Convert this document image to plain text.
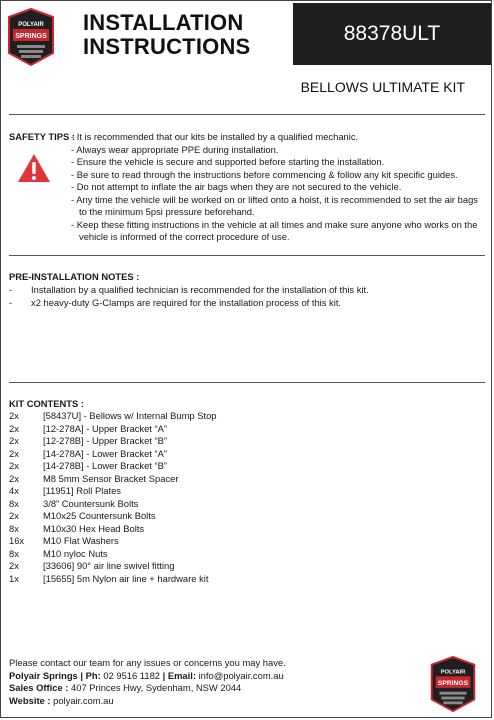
SPRINGS
POLYAIR INSTALLATION
INSTRUCTIONS
88378ULT
BELLOWS ULTIMATE KIT
SAFETY TIPS :
- It is recommended that our kits be installed by a qualified mechanic.
- Always wear appropriate PPE during installation.
- Ensure the vehicle is secure and supported before starting the installation.
- Be sure to read through the instructions before commencing & follow any kit specific guides.
- Do not attempt to inflate the air bags when they are not secured to the vehicle.
- Any time the vehicle will be worked on or lifted onto a hoist, it is recommended to set the air bags to the minimum 5psi pressure beforehand.
- Keep these fitting instructions in the vehicle at all times and make sure anyone who works on the vehicle is informed of the correct procedure of use.
PRE-INSTALLATION NOTES :
-	Installation by a qualified technician is recommended for the installation of this kit.
-	x2 heavy-duty G-Clamps are required for the installation process of this kit.
KIT CONTENTS :
2x	[58437U] - Bellows w/ Internal Bump Stop
2x	[12-278A] - Upper Bracket “A”
2x	[12-278B] - Upper Bracket “B”
2x	[14-278A] - Lower Bracket “A”
2x	[14-278B] - Lower Bracket “B”
2x	M8 5mm Sensor Bracket Spacer
4x	[11951] Roll Plates
8x	3/8” Countersunk Bolts
2x	M10x25 Countersunk Bolts
8x	M10x30 Hex Head Bolts
16x	M10 Flat Washers
8x	M10 nyloc Nuts
2x	[33606] 90° air line swivel fitting
1x	[15655] 5m Nylon air line + hardware kit
Please contact our team for any issues or concerns you may have.
Polyair Springs | Ph: 02 9516 1182 | Email: info@polyair.com.au
Sales Office : 407 Princes Hwy, Sydenham, NSW 2044
Website : polyair.com.au
SPRINGS
POLYAIR
